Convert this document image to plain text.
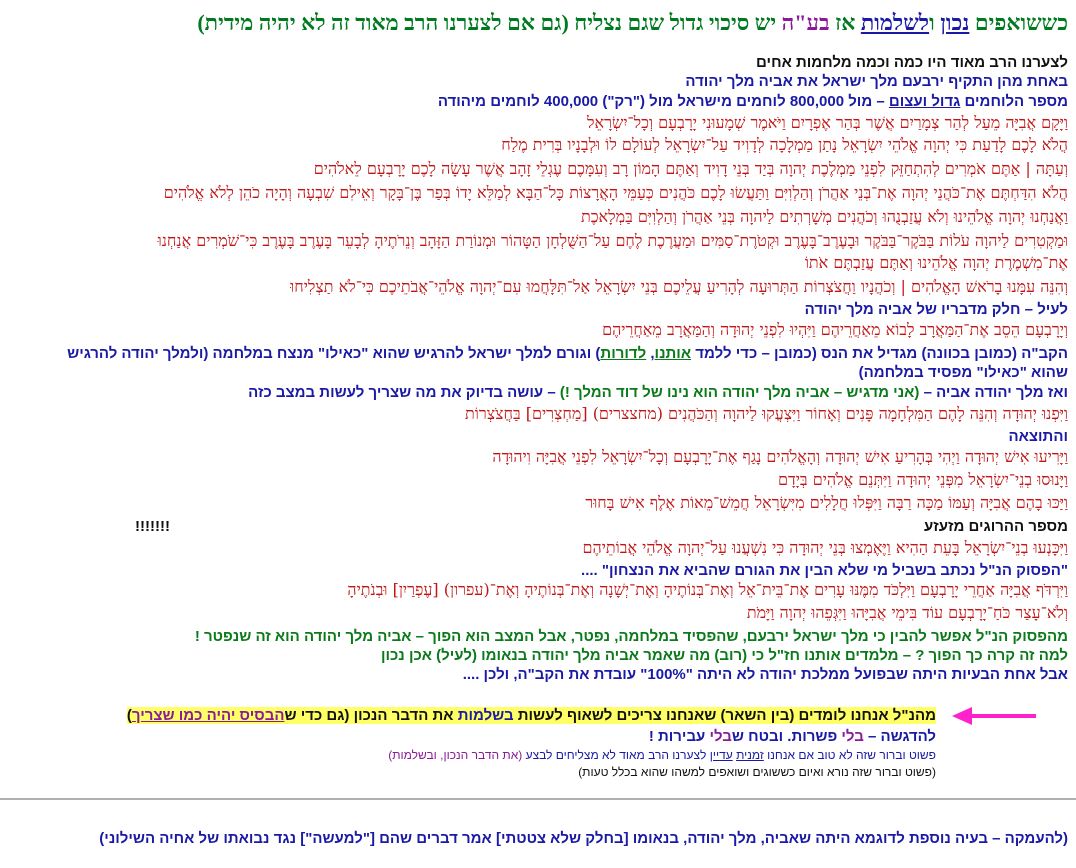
כששואפים נכון ולשלמות אז בע"ה יש סיכוי גדול שגם נצליח (גם אם לצערנו הרב מאוד זה לא יהיה מידית)
לצערנו הרב מאוד היו כמה וכמה מלחמות אחים
באחת מהן התקיף ירבעם מלך ישראל את אביה מלך יהודה
מספר הלוחמים גדול ועצום – מול 800,000 לוחמים מישראל מול ("רק") 400,000 לוחמים מיהודה
וַיָּקָם אֲבִיָּה מֵעַל לְהַר צְמָרַיִם אֲשֶׁר בְּהַר אֶפְרָיִם וַיֹּאמֶר שְׁמָעוּנִי יָרָבְעָם וְכָל־יִשְׂרָאֵל
הֲלֹא לָכֶם לָדַעַת כִּי יְהוָה אֱלֹהֵי יִשְׂרָאֵל נָתַן מַמְלָכָה לְדָוִיד עַל־יִשְׂרָאֵל לְעוֹלָם לוֹ וּלְבָנָיו בְּרִית מֶלַח
וְעַתָּה | אַתֶּם אֹמְרִים לְהִתְחַזֵּק לִפְנֵי מַמְלֶכֶת יְהוָה בְּיַד בְּנֵי דָוִיד וְאַתֶּם הָמוֹן רָב וְעִמָּכֶם עֶגְלֵי זָהָב אֲשֶׁר עָשָׂה לָכֶם יָרָבְעָם לֵאלֹהִים
הֲלֹא הִדַּחְתֶּם אֶת־כֹּהֲנֵי יְהוָה אֶת־בְּנֵי אַהֲרֹן וְהַלְוִיִּם וַתַּעֲשׂוּ לָכֶם כֹּהֲנִים כְּעַמֵּי הָאֲרָצוֹת כָּל־הַבָּא לְמַלֵּא יָדוֹ בְּפַר בֶּן־בָּקָר וְאֵילִם שִׁבְעָה וְהָיָה כֹהֵן לְלֹא אֱלֹהִים
וַאֲנַחְנוּ יְהוָה אֱלֹהֵינוּ וְלֹא עֲזַבְנֻהוּ וְכֹהֲנִים מְשָׁרְתִים לַיהוָה בְּנֵי אַהֲרֹן וְהַלְוִיִּם בַּמְלָאכֶת
וּמַקְטִרִים לַיהוָה עֹלוֹת בַּבֹּקֶר־בַּבֹּקֶר וּבָעֶרֶב־בָּעֶרֶב וּקְטֹרֶת־סַמִּים וּמַעֲרֶכֶת לֶחֶם עַל־הַשֻּׁלְחָן הַטָּהוֹר וּמְנוֹרַת הַזָּהָב וְנֵרֹתֶיהָ לְבָעֵר בָּעֶרֶב בָּעֶרֶב כִּי־שֹׁמְרִים אֲנַחְנוּ
אֶת־מִשְׁמֶרֶת יְהוָה אֱלֹהֵינוּ וְאַתֶּם עֲזַבְתֶּם אֹתוֹ
וְהִנֵּה עִמָּנוּ בָרֹאשׁ הָאֱלֹהִים | וְכֹהֲנָיו וַחֲצֹצְרוֹת הַתְּרוּעָה לְהָרִיעַ עֲלֵיכֶם בְּנֵי יִשְׂרָאֵל אַל־תִּלָּחֲמוּ עִם־יְהוָה אֱלֹהֵי־אֲבֹתֵיכֶם כִּי־לֹא תַצְלִיחוּ
לעיל – חלק מדבריו של אביה מלך יהודה
וְיָרָבְעָם הֵסֵב אֶת־הַמַּאֲרָב לָבוֹא מֵאַחֲרֵיהֶם וַיִּהְיוּ לִפְנֵי יְהוּדָה וְהַמַּאֲרָב מֵאַחֲרֵיהֶם
הקב"ה (כמובן בכוונה) מגדיל את הנס (כמובן – כדי ללמד אותנו, לדורות) וגורם למלך ישראל להרגיש שהוא "כאילו" מנצח במלחמה (ולמלך יהודה להרגיש
שהוא "כאילו" מפסיד במלחמה)
ואז מלך יהודה אביה – (אני מדגיש – אביה מלך יהודה הוא נינו של דוד המלך !) – עושה בדיוק את מה שצריך לעשות במצב כזה
וַיִּפְנוּ יְהוּדָה וְהִנֵּה לָהֶם הַמִּלְחָמָה פָּנִים וְאָחוֹר וַיִּצְעֲקוּ לַיהוָה וְהַכֹּהֲנִים (מחצצרים) [מַחְצְרִים] בַּחֲצֹצְרוֹת
והתוצאה
וַיָּרִיעוּ אִישׁ יְהוּדָה וַיְהִי בְּהָרִיעַ אִישׁ יְהוּדָה וְהָאֱלֹהִים נָגַף אֶת־יָרָבְעָם וְכָל־יִשְׂרָאֵל לִפְנֵי אֲבִיָּה וִיהוּדָה
וַיָּנוּסוּ בְנֵי־יִשְׂרָאֵל מִפְּנֵי יְהוּדָה וַיִּתְּנֵם אֱלֹהִים בְּיָדָם
וַיַּכּוּ בָהֶם אֲבִיָּה וְעַמּוֹ מַכָּה רַבָּה וַיִּפְּלוּ חֲלָלִים מִיִּשְׂרָאֵל חֲמֵשׁ־מֵאוֹת אֶלֶף אִישׁ בָּחוּר
מספר ההרוגים מזעזע
!!!!!!!
וַיִּכָּנְעוּ בְנֵי־יִשְׂרָאֵל בָּעֵת הַהִיא וַיֶּאֶמְצוּ בְּנֵי יְהוּדָה כִּי נִשְׁעֲנוּ עַל־יְהוָה אֱלֹהֵי אֲבוֹתֵיהֶם
"הפסוק הנ"ל נכתב בשביל מי שלא הבין את הגורם שהביא את הנצחון" ....
וַיִּרְדֹּף אֲבִיָּה אַחֲרֵי יָרָבְעָם וַיִּלְכֹּד מִמֶּנּוּ עָרִים אֶת־בֵּית־אֵל וְאֶת־בְּנוֹתֶיהָ וְאֶת־יְשָׁנָה וְאֶת־בְּנוֹתֶיהָ וְאֶת־(עפרון) [עֶפְרַיִן] וּבְנֹתֶיהָ
וְלֹא־עָצַר כֹּחַ־יָרָבְעָם עוֹד בִּימֵי אֲבִיָּהוּ וַיִּגְּפֵהוּ יְהוָה וַיָּמֹת
מהפסוק הנ"ל אפשר להבין כי מלך ישראל ירבעם, שהפסיד במלחמה, נפטר, אבל המצב הוא הפוך – אביה מלך יהודה הוא זה שנפטר !
למה זה קרה כך הפוך ? – מלמדים אותנו חז"ל כי (רוב) מה שאמר אביה מלך יהודה בנאומו (לעיל) אכן נכון
אבל אחת הבעיות היתה שבפועל ממלכת יהודה לא היתה "100%" עובדת את הקב"ה, ולכן ....
מהנ"ל אנחנו לומדים (בין השאר) שאנחנו צריכים לשאוף לעשות בשלמות את הדבר הנכון (גם כדי שהבסיס יהיה כמו שצריך)
להדגשה – בלי פשרות. ובטח שבלי עבירות !
פשוט וברור שזה לא טוב אם אנחנו זמנית עדיין לצערנו הרב מאוד לא מצליחים לבצע (את הדבר הנכון, ובשלמות)
(פשוט וברור שזה נורא ואיום כששוגים ושואפים למשהו שהוא בכלל טעות)
(להעמקה – בעיה נוספת לדוגמא היתה שאביה, מלך יהודה, בנאומו [בחלק שלא צטטתי] אמר דברים שהם ["למעשה"] נגד נבואתו של אחיה השילוני)
